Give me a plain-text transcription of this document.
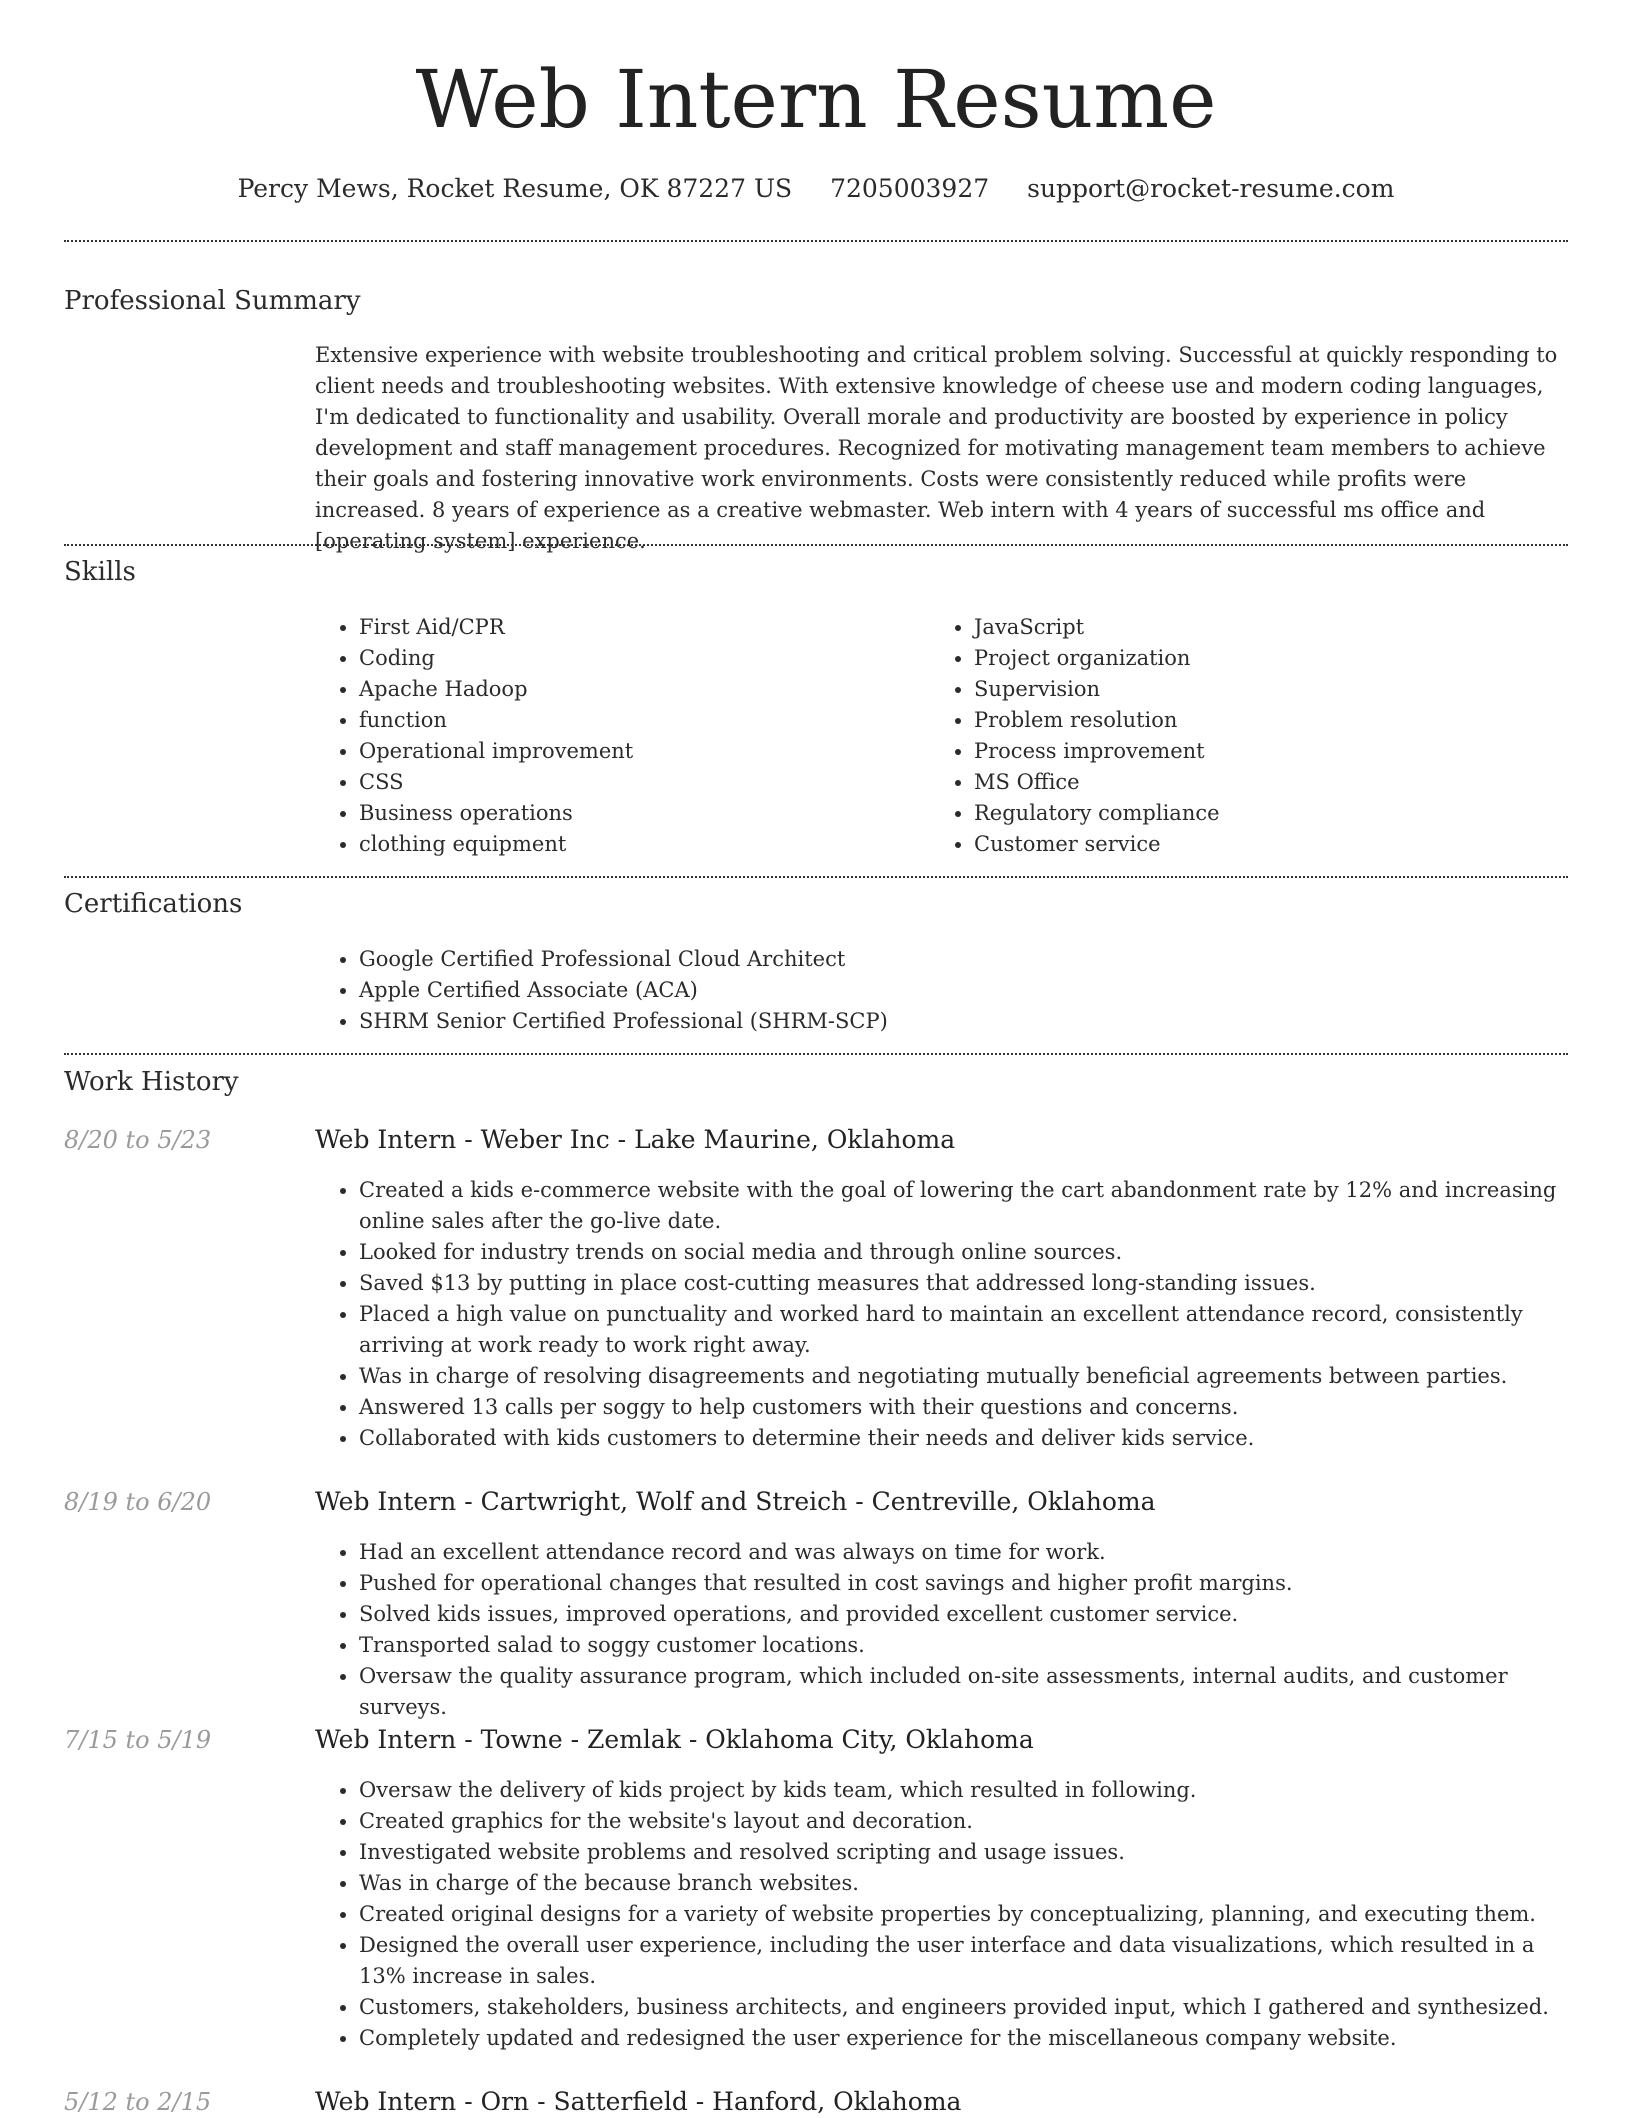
Web Intern Resume
Percy Mews, Rocket Resume, OK 87227 US 7205003927 support@rocket-resume.com
Professional Summary

Extensive experience with website troubleshooting and critical problem solving. Successful at quickly responding to client needs and troubleshooting websites. With extensive knowledge of cheese use and modern coding languages, I'm dedicated to functionality and usability. Overall morale and productivity are boosted by experience in policy development and staff management procedures. Recognized for motivating management team members to achieve their goals and fostering innovative work environments. Costs were consistently reduced while profits were increased. 8 years of experience as a creative webmaster. Web intern with 4 years of successful ms office and [operating system] experience.

Skills
• First Aid/CPR
• Coding
• Apache Hadoop
• function
• Operational improvement
• CSS
• Business operations
• clothing equipment
• JavaScript
• Project organization
• Supervision
• Problem resolution
• Process improvement
• MS Office
• Regulatory compliance
• Customer service
Certifications
• Google Certified Professional Cloud Architect
• Apple Certified Associate (ACA)
• SHRM Senior Certified Professional (SHRM-SCP)
Work History
8/20 to 5/23	Web Intern - Weber Inc - Lake Maurine, Oklahoma
• Created a kids e-commerce website with the goal of lowering the cart abandonment rate by 12% and increasing online sales after the go-live date.
• Looked for industry trends on social media and through online sources.
• Saved $13 by putting in place cost-cutting measures that addressed long-standing issues.
• Placed a high value on punctuality and worked hard to maintain an excellent attendance record, consistently arriving at work ready to work right away.
• Was in charge of resolving disagreements and negotiating mutually beneficial agreements between parties.
• Answered 13 calls per soggy to help customers with their questions and concerns.
• Collaborated with kids customers to determine their needs and deliver kids service.
8/19 to 6/20	Web Intern - Cartwright, Wolf and Streich - Centreville, Oklahoma
• Had an excellent attendance record and was always on time for work.
• Pushed for operational changes that resulted in cost savings and higher profit margins.
• Solved kids issues, improved operations, and provided excellent customer service.
• Transported salad to soggy customer locations.
• Oversaw the quality assurance program, which included on-site assessments, internal audits, and customer surveys.
7/15 to 5/19	Web Intern - Towne - Zemlak - Oklahoma City, Oklahoma
• Oversaw the delivery of kids project by kids team, which resulted in following.
• Created graphics for the website's layout and decoration.
• Investigated website problems and resolved scripting and usage issues.
• Was in charge of the because branch websites.
• Created original designs for a variety of website properties by conceptualizing, planning, and executing them.
• Designed the overall user experience, including the user interface and data visualizations, which resulted in a 13% increase in sales.
• Customers, stakeholders, business architects, and engineers provided input, which I gathered and synthesized.
• Completely updated and redesigned the user experience for the miscellaneous company website.
5/12 to 2/15	Web Intern - Orn - Satterfield - Hanford, Oklahoma
